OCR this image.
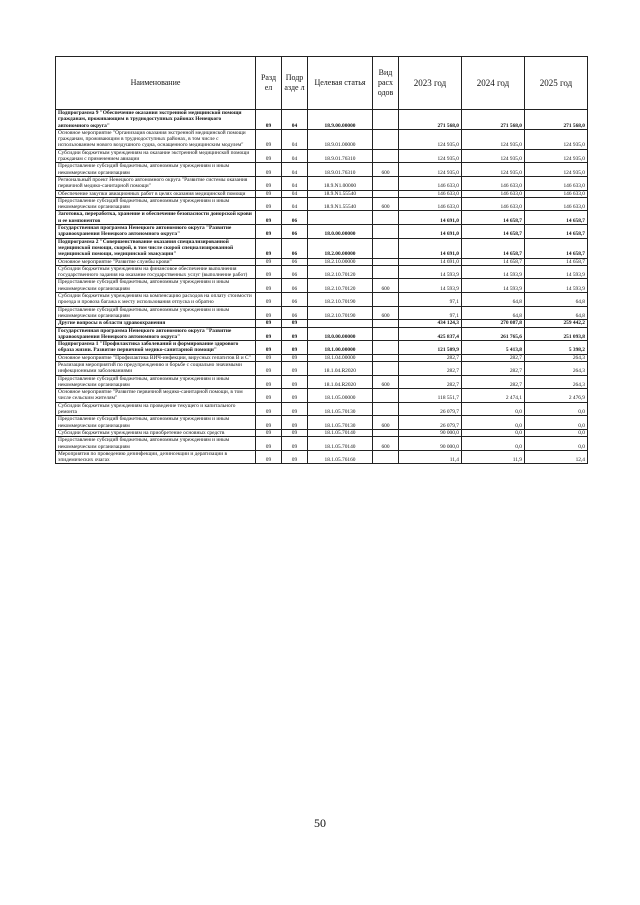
Наименование	Разд ел	Подр азде л	Целевая статья	Вид расх одов	2023 год	2024 год	2025 год
Подпрограмма 9 "Обеспечение оказания экстренной медицинской помощи гражданам, проживающим в труднодоступных районах Ненецкого автономного округа"	09	04	18.9.00.00000		271 568,0	271 568,0	271 568,0
Основное мероприятие "Организация оказания экстренной медицинской помощи гражданам, проживающим в труднодоступных районах, в том числе с использованием нового воздушного судна, оснащенного медицинским модулем"	09	04	18.9.01.00000		124 935,0	124 935,0	124 935,0
Субсидии бюджетным учреждениям на оказание экстренной медицинской помощи гражданам с применением авиации	09	04	18.9.01.76310		124 935,0	124 935,0	124 935,0
Предоставление субсидий бюджетным, автономным учреждениям и иным некоммерческим организациям	09	04	18.9.01.76310	600	124 935,0	124 935,0	124 935,0
Региональный проект Ненецкого автономного округа "Развитие системы оказания первичной медико-санитарной помощи"	09	04	18.9.N1.00000		146 633,0	146 633,0	146 633,0
Обеспечение закупки авиационных работ в целях оказания медицинской помощи	09	04	18.9.N1.55540		146 633,0	146 633,0	146 633,0
Предоставление субсидий бюджетным, автономным учреждениям и иным некоммерческим организациям	09	04	18.9.N1.55540	600	146 633,0	146 633,0	146 633,0
Заготовка, переработка, хранение и обеспечение безопасности донорской крови и ее компонентов	09	06			14 691,0	14 658,7	14 658,7
Государственная программа Ненецкого автономного округа "Развитие здравоохранения Ненецкого автономного округа"	09	06	18.0.00.00000		14 691,0	14 658,7	14 658,7
Подпрограмма 2 "Совершенствование оказания специализированной медицинской помощи, скорой, в том числе скорой специализированной медицинской помощи, медицинской эвакуации"	09	06	18.2.00.00000		14 691,0	14 658,7	14 658,7
Основное мероприятие "Развитие службы крови"	09	06	18.2.10.00000		14 691,0	14 658,7	14 658,7
Субсидии бюджетным учреждениям на финансовое обеспечение выполнения государственного задания на оказание государственных услуг (выполнение работ)	09	06	18.2.10.70120		14 593,9	14 593,9	14 593,9
Предоставление субсидий бюджетным, автономным учреждениям и иным некоммерческим организациям	09	06	18.2.10.70120	600	14 593,9	14 593,9	14 593,9
Субсидии бюджетным учреждениям на компенсацию расходов на оплату стоимости проезда и провоза багажа к месту использования отпуска и обратно	09	06	18.2.10.70190		97,1	64,8	64,8
Предоставление субсидий бюджетным, автономным учреждениям и иным некоммерческим организациям	09	06	18.2.10.70190	600	97,1	64,8	64,8
Другие вопросы в области здравоохранения	09	09			434 124,3	270 087,8	259 442,2
Государственная программа Ненецкого автономного округа "Развитие здравоохранения Ненецкого автономного округа"	09	09	18.0.00.00000		425 837,4	261 765,6	251 093,8
Подпрограмма 1 "Профилактика заболеваний и формирование здорового образа жизни. Развитие первичной медико-санитарной помощи"	09	09	18.1.00.00000		121 509,9	5 413,8	5 398,2
Основное мероприятие "Профилактика ВИЧ-инфекции, вирусных гепатитов В и С"	09	09	18.1.04.00000		282,7	282,7	264,3
Реализация мероприятий по предупреждению и борьбе с социально значимыми инфекционными заболеваниями	09	09	18.1.04.R2020		282,7	282,7	264,3
Предоставление субсидий бюджетным, автономным учреждениям и иным некоммерческим организациям	09	09	18.1.04.R2020	600	282,7	282,7	264,3
Основное мероприятие "Развитие первичной медико-санитарной помощи, в том числе сельским жителям"	09	09	18.1.05.00000		118 551,7	2 474,1	2 476,9
Субсидии бюджетным учреждениям на проведение текущего и капитального ремонта	09	09	18.1.05.70130		26 079,7	0,0	0,0
Предоставление субсидий бюджетным, автономным учреждениям и иным некоммерческим организациям	09	09	18.1.05.70130	600	26 079,7	0,0	0,0
Субсидии бюджетным учреждениям на приобретение основных средств	09	09	18.1.05.70140		90 000,0	0,0	0,0
Предоставление субсидий бюджетным, автономным учреждениям и иным некоммерческим организациям	09	09	18.1.05.70140	600	90 000,0	0,0	0,0
Мероприятия по проведению дезинфекции, дезинсекции и дератизации в эпидемических очагах	09	09	18.1.05.76160		11,4	11,9	12,4
50
